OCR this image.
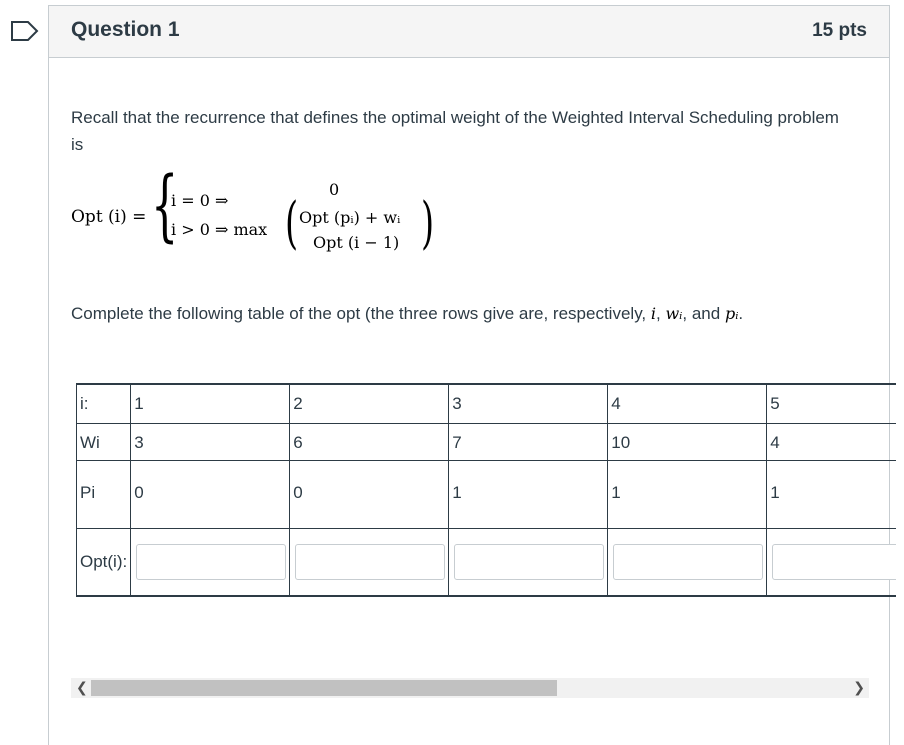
Question 1	15 pts
Recall that the recurrence that defines the optimal weight of the Weighted Interval Scheduling problem is
Opt (i) = {
i = 0 ⇒
i > 0 ⇒ max
0
( Opt (pᵢ) + wᵢ
Opt (i − 1) )
Complete the following table of the opt (the three rows give are, respectively, i, wᵢ, and pᵢ.
i:	1	2	3	4	5
Wi	3	6	7	10	4
Pi	0	0	1	1	1
Opt(i):					
❮	❯
